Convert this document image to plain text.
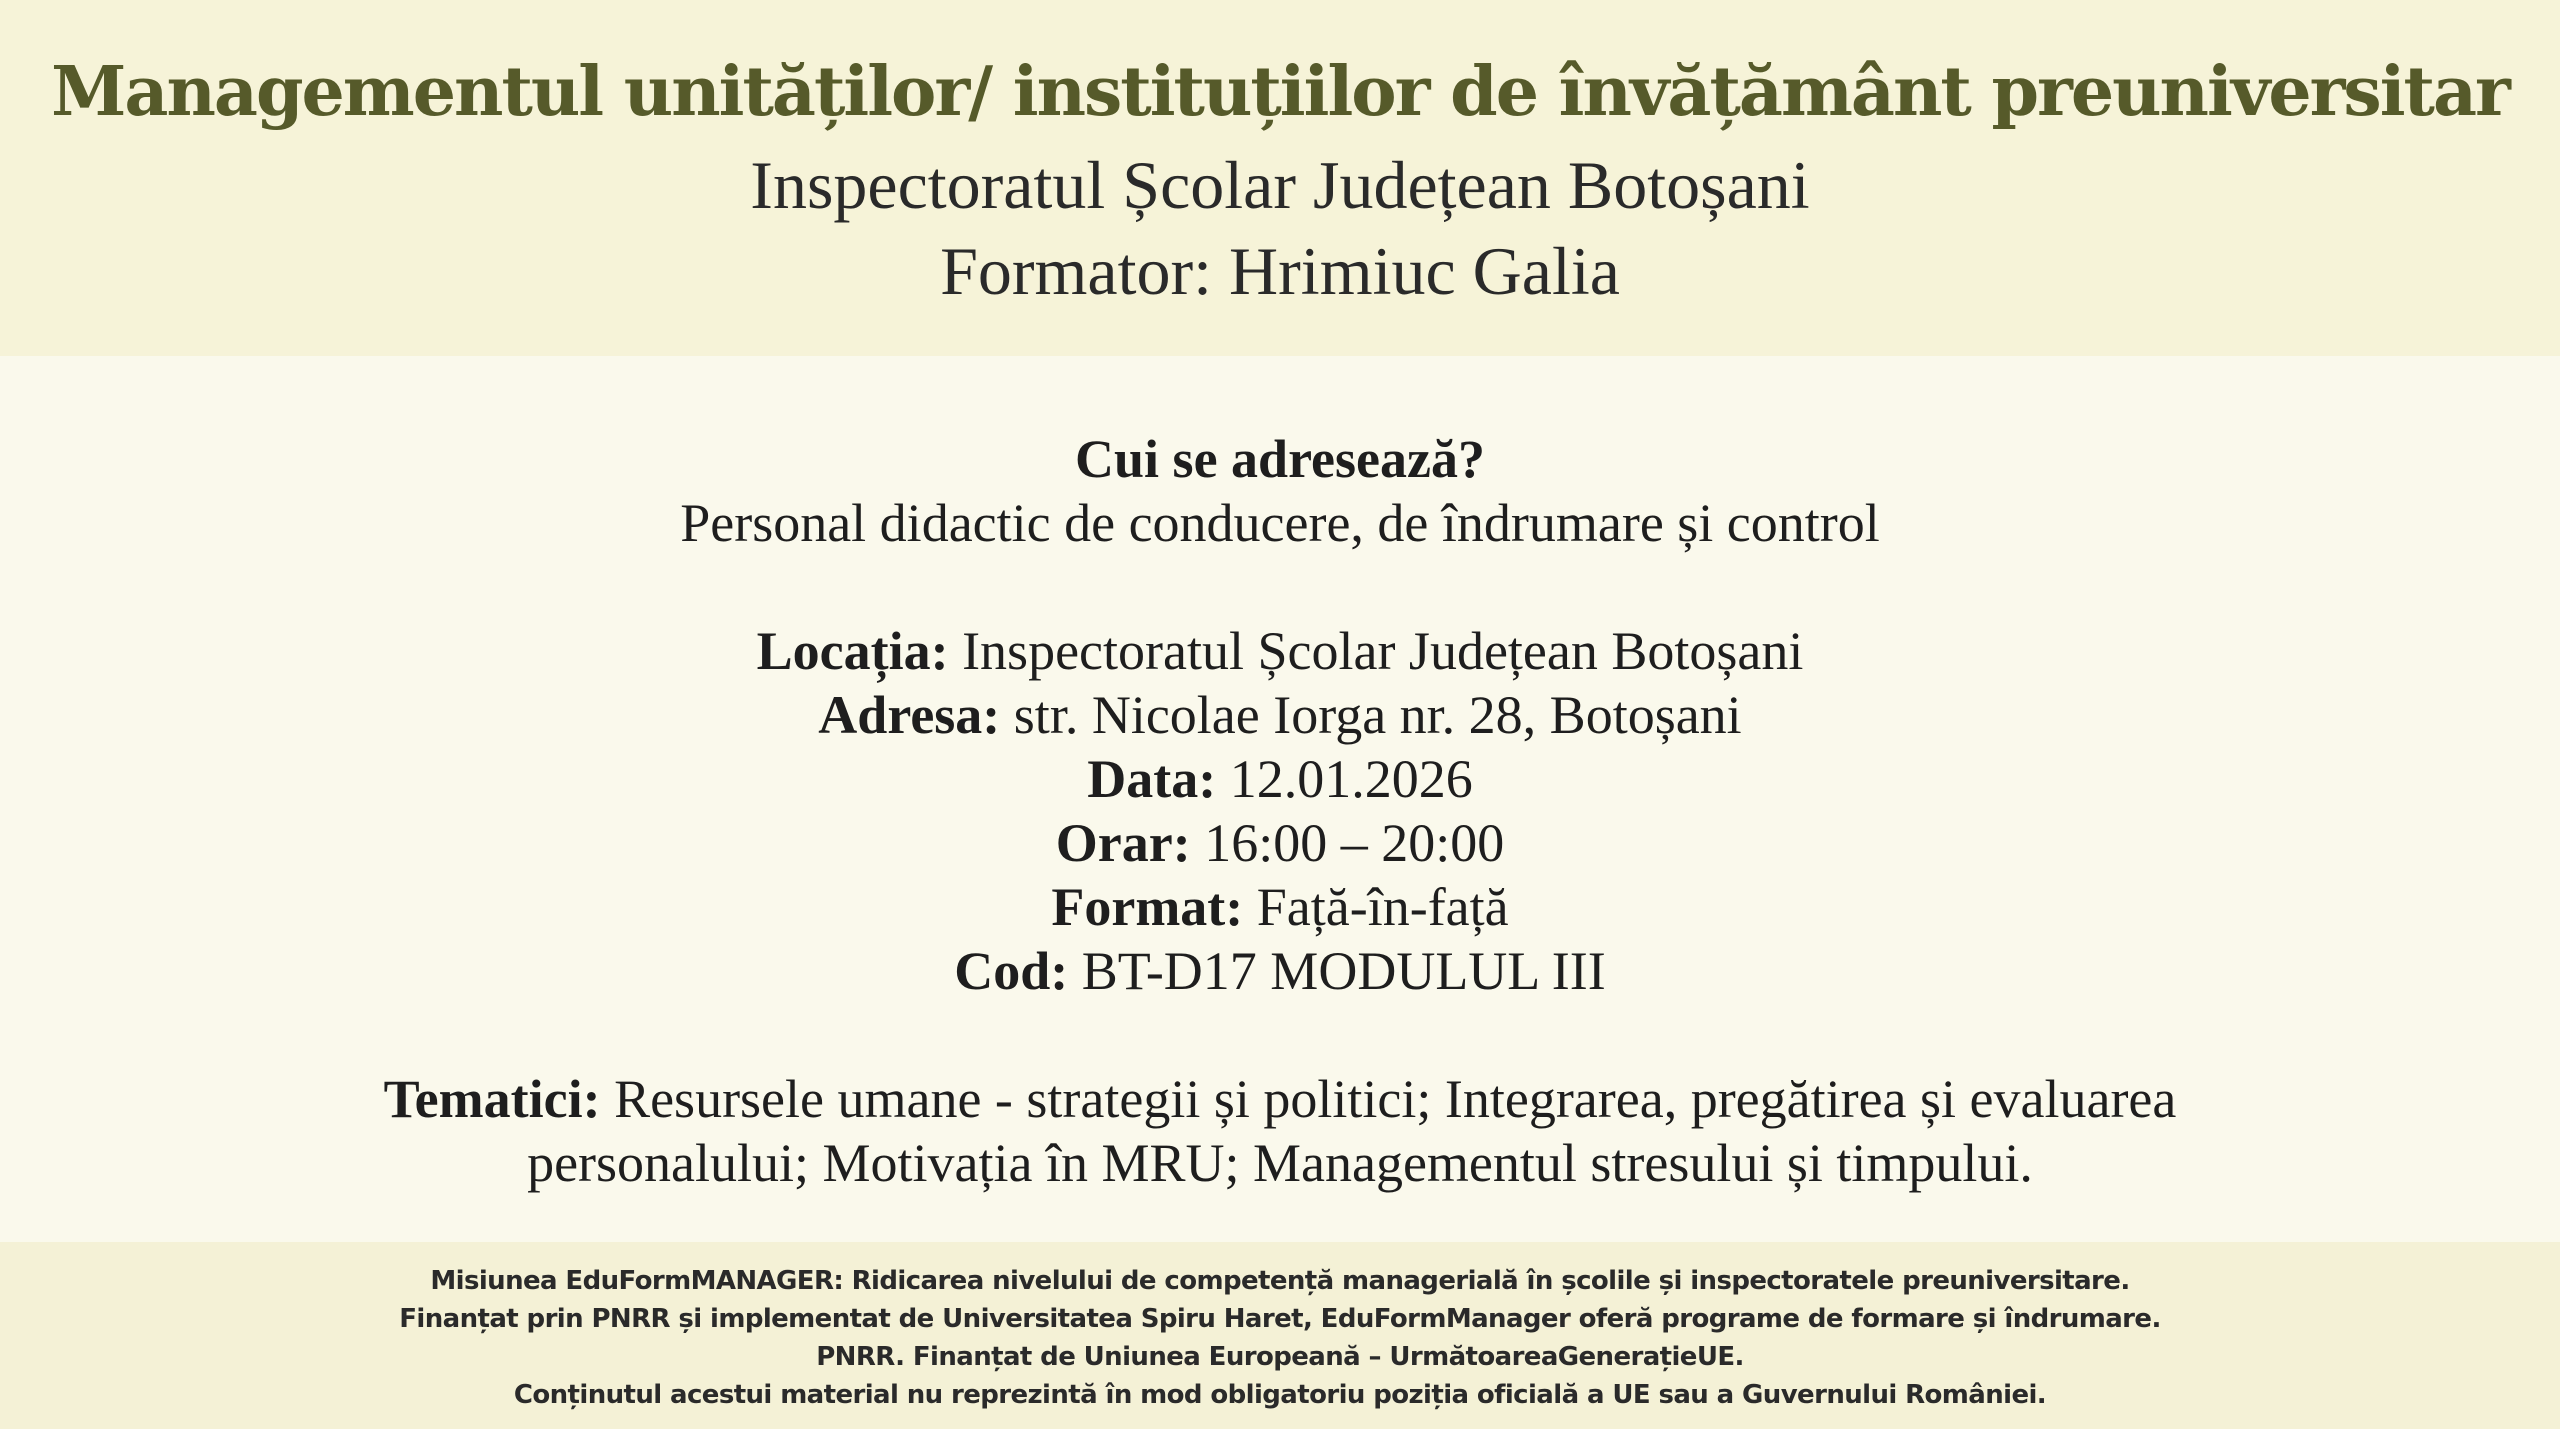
Managementul unităților/ instituțiilor de învățământ preuniversitar
Inspectoratul Școlar Județean Botoșani
Formator: Hrimiuc Galia
Cui se adresează?
Personal didactic de conducere, de îndrumare și control
Locația: Inspectoratul Școlar Județean Botoșani
Adresa: str. Nicolae Iorga nr. 28, Botoșani
Data: 12.01.2026
Orar: 16:00 – 20:00
Format: Față-în-față
Cod: BT-D17 MODULUL III
Tematici: Resursele umane - strategii și politici; Integrarea, pregătirea și evaluarea
personalului; Motivația în MRU; Managementul stresului și timpului.
Misiunea EduFormMANAGER: Ridicarea nivelului de competență managerială în școlile și inspectoratele preuniversitare.
Finanțat prin PNRR și implementat de Universitatea Spiru Haret, EduFormManager oferă programe de formare și îndrumare.
PNRR. Finanțat de Uniunea Europeană – UrmătoareaGenerațieUE.
Conținutul acestui material nu reprezintă în mod obligatoriu poziția oficială a UE sau a Guvernului României.
